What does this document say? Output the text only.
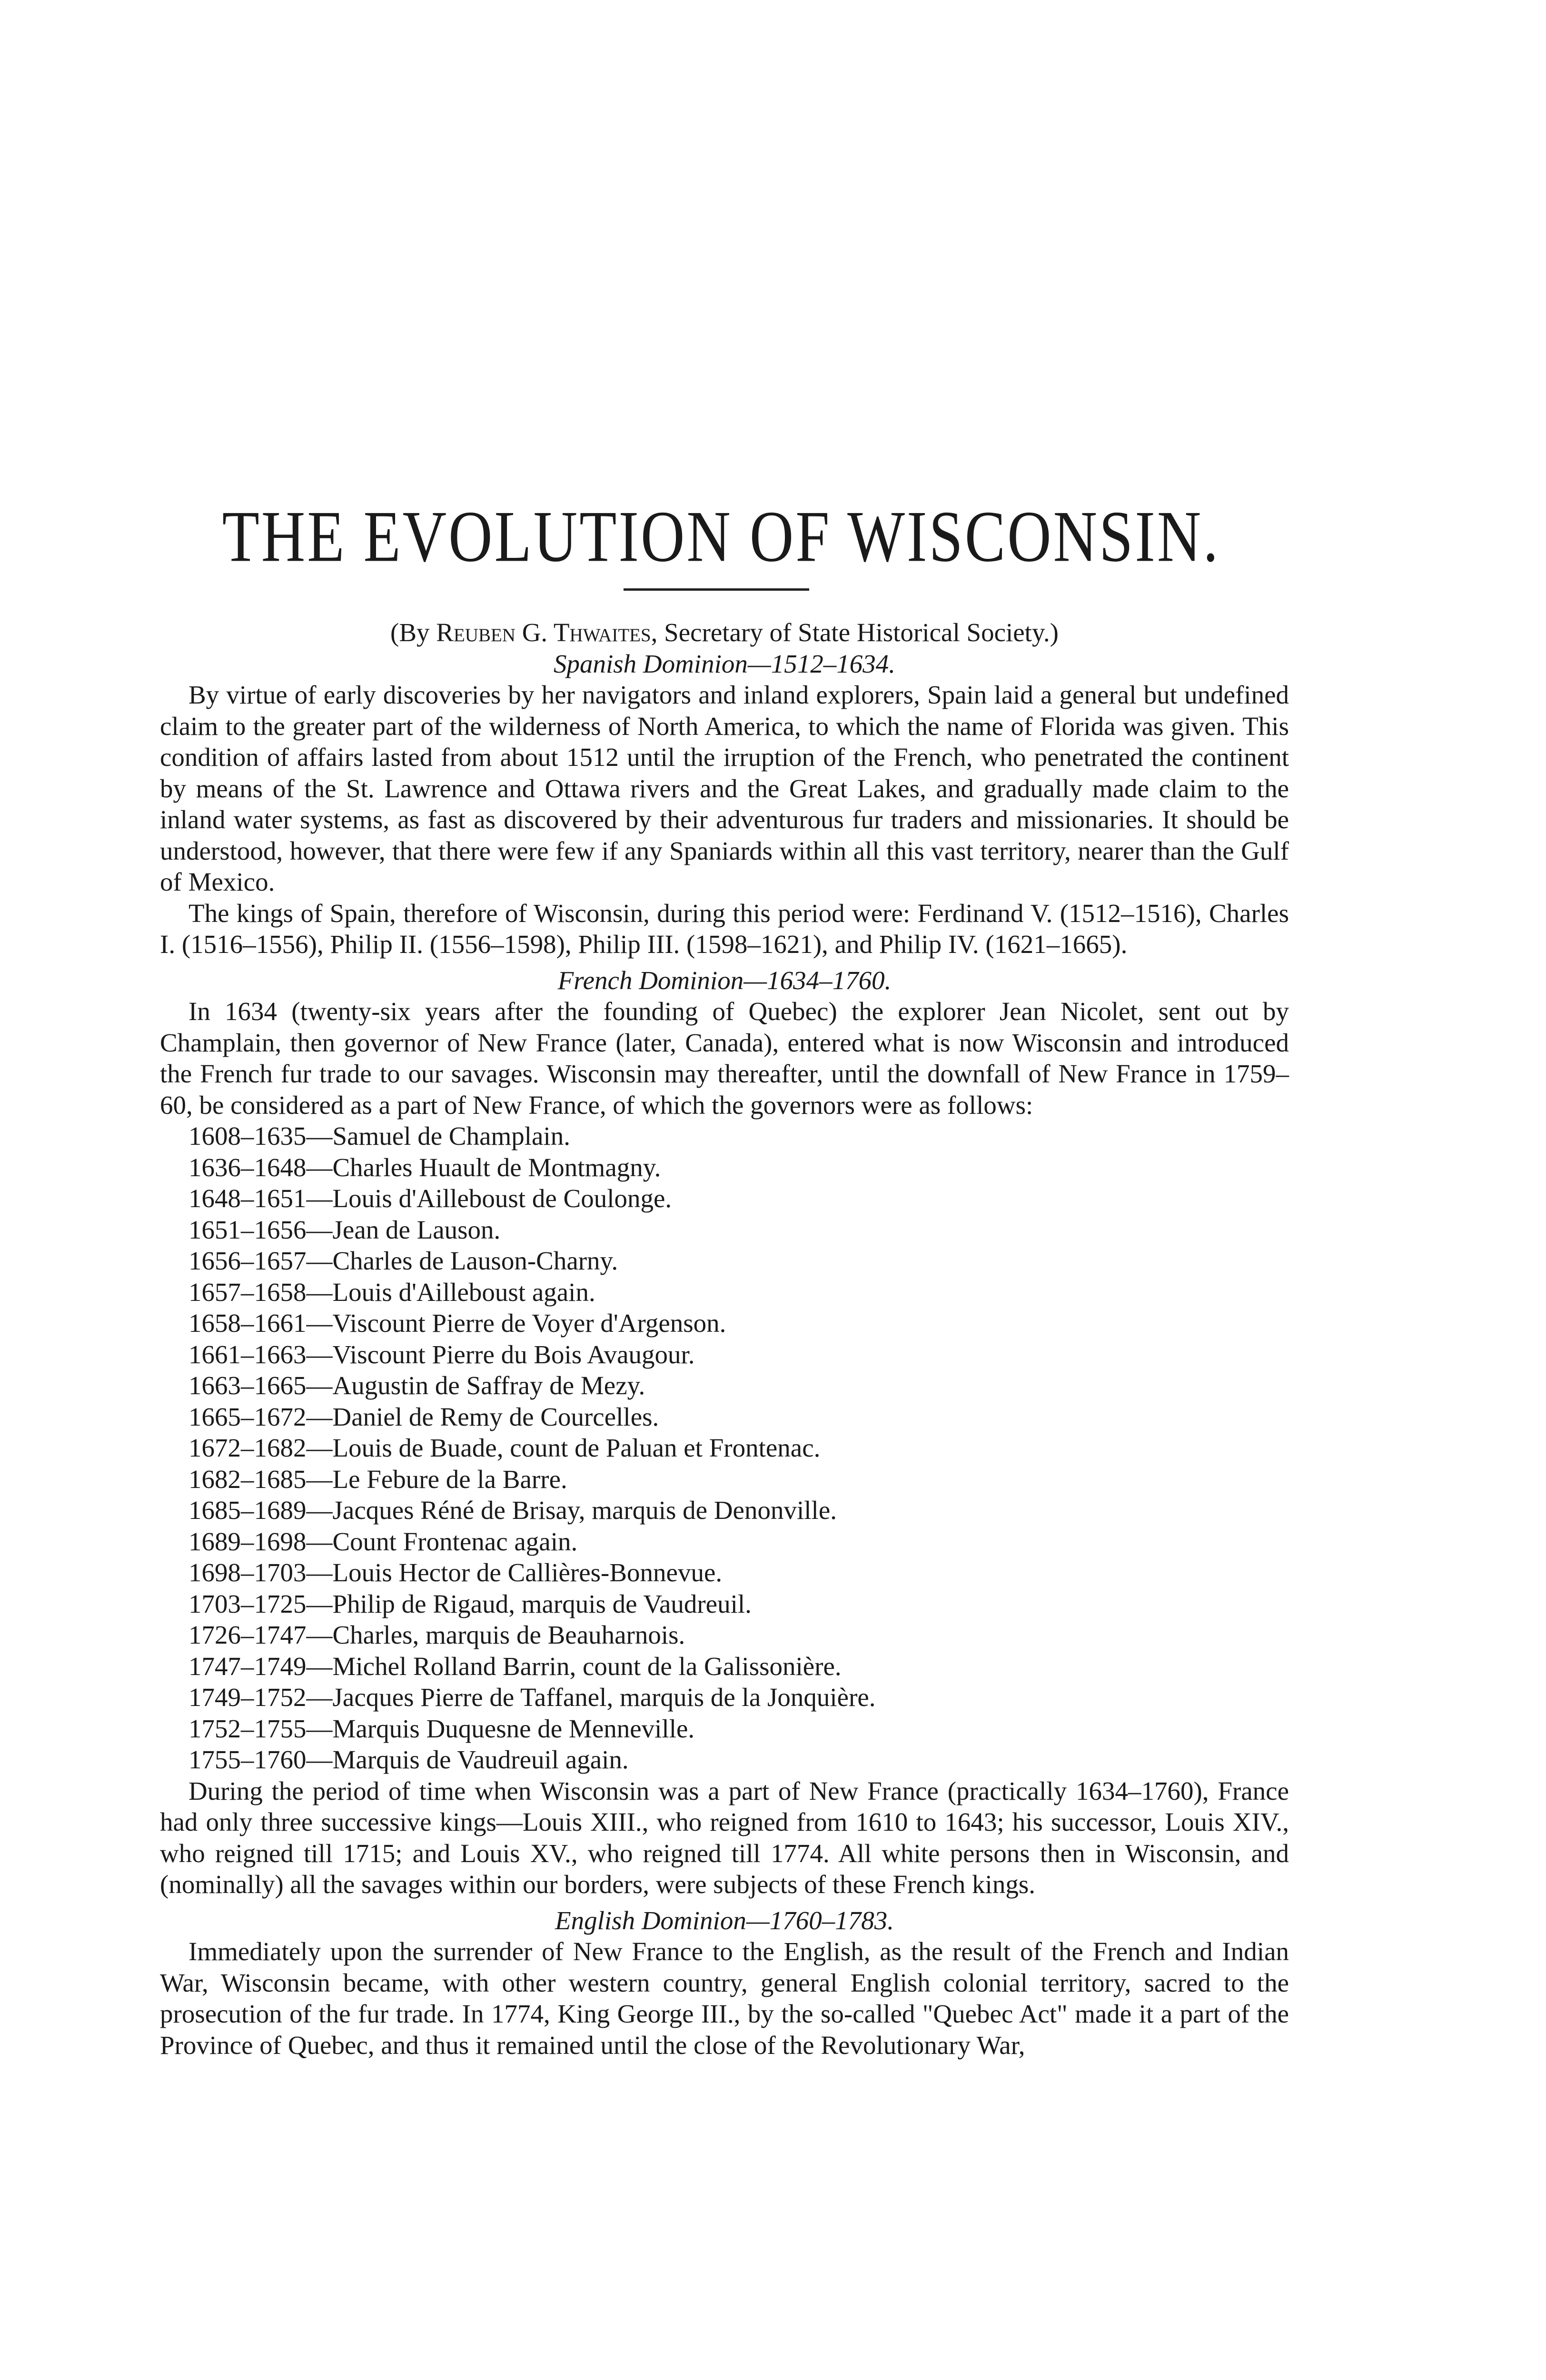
THE EVOLUTION OF WISCONSIN.
(By Reuben G. Thwaites, Secretary of State Historical Society.)
Spanish Dominion—1512–1634.

By virtue of early discoveries by her navigators and inland explorers, Spain laid a general but undefined claim to the greater part of the wilderness of North America, to which the name of Florida was given. This condition of affairs lasted from about 1512 until the irruption of the French, who penetrated the continent by means of the St. Lawrence and Ottawa rivers and the Great Lakes, and gradually made claim to the inland water systems, as fast as discovered by their adventurous fur traders and missionaries. It should be understood, however, that there were few if any Spaniards within all this vast territory, nearer than the Gulf of Mexico.

The kings of Spain, therefore of Wisconsin, during this period were: Ferdinand V. (1512–1516), Charles I. (1516–1556), Philip II. (1556–1598), Philip III. (1598–1621), and Philip IV. (1621–1665).

French Dominion—1634–1760.

In 1634 (twenty-six years after the founding of Quebec) the explorer Jean Nicolet, sent out by Champlain, then governor of New France (later, Canada), entered what is now Wisconsin and introduced the French fur trade to our savages. Wisconsin may thereafter, until the downfall of New France in 1759–60, be considered as a part of New France, of which the governors were as follows:

1608–1635—Samuel de Champlain.
1636–1648—Charles Huault de Montmagny.
1648–1651—Louis d'Ailleboust de Coulonge.
1651–1656—Jean de Lauson.
1656–1657—Charles de Lauson-Charny.
1657–1658—Louis d'Ailleboust again.
1658–1661—Viscount Pierre de Voyer d'Argenson.
1661–1663—Viscount Pierre du Bois Avaugour.
1663–1665—Augustin de Saffray de Mezy.
1665–1672—Daniel de Remy de Courcelles.
1672–1682—Louis de Buade, count de Paluan et Frontenac.
1682–1685—Le Febure de la Barre.
1685–1689—Jacques Réné de Brisay, marquis de Denonville.
1689–1698—Count Frontenac again.
1698–1703—Louis Hector de Callières-Bonnevue.
1703–1725—Philip de Rigaud, marquis de Vaudreuil.
1726–1747—Charles, marquis de Beauharnois.
1747–1749—Michel Rolland Barrin, count de la Galissonière.
1749–1752—Jacques Pierre de Taffanel, marquis de la Jonquière.
1752–1755—Marquis Duquesne de Menneville.
1755–1760—Marquis de Vaudreuil again.

During the period of time when Wisconsin was a part of New France (practically 1634–1760), France had only three successive kings—Louis XIII., who reigned from 1610 to 1643; his successor, Louis XIV., who reigned till 1715; and Louis XV., who reigned till 1774. All white persons then in Wisconsin, and (nominally) all the savages within our borders, were subjects of these French kings.

English Dominion—1760–1783.

Immediately upon the surrender of New France to the English, as the result of the French and Indian War, Wisconsin became, with other western country, general English colonial territory, sacred to the prosecution of the fur trade. In 1774, King George III., by the so-called "Quebec Act" made it a part of the Province of Quebec, and thus it remained until the close of the Revolutionary War,
